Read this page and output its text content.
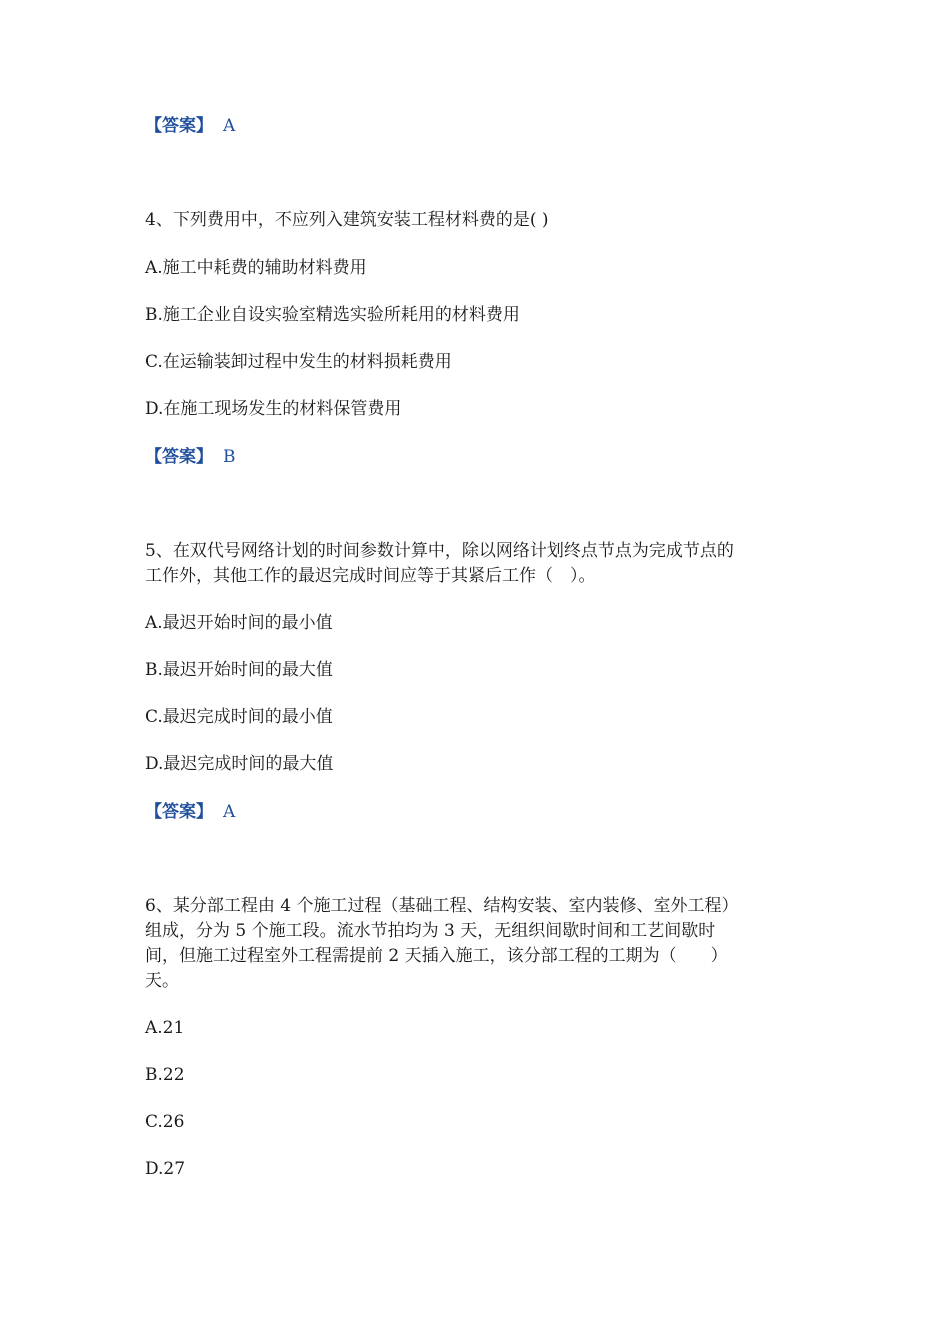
【答案】 A
4、下列费用中，不应列入建筑安装工程材料费的是( )
A.施工中耗费的辅助材料费用
B.施工企业自设实验室精选实验所耗用的材料费用
C.在运输装卸过程中发生的材料损耗费用
D.在施工现场发生的材料保管费用
【答案】 B
5、在双代号网络计划的时间参数计算中，除以网络计划终点节点为完成节点的
工作外，其他工作的最迟完成时间应等于其紧后工作（　）。
A.最迟开始时间的最小值
B.最迟开始时间的最大值
C.最迟完成时间的最小值
D.最迟完成时间的最大值
【答案】 A
6、某分部工程由 4 个施工过程（基础工程、结构安装、室内装修、室外工程）
组成，分为 5 个施工段。流水节拍均为 3 天，无组织间歇时间和工艺间歇时
间，但施工过程室外工程需提前 2 天插入施工，该分部工程的工期为（　　）
天。
A.21
B.22
C.26
D.27
